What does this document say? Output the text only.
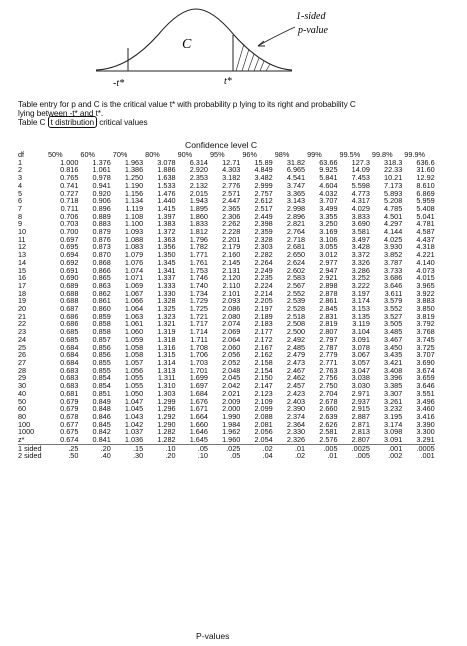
C
-t*	t*
1-sided
p-value
Table entry for p and C is the critical value t* with probability p lying to its right and probability C
lying between -t* and t*.
Table C t distribution critical values
Confidence level C
df	50%	60%	70%	80%	90%	95%	96%	98%	99%	99.5%	99.8%	99.9%
1	1.000	1.376	1.963	3.078	6.314	12.71	15.89	31.82	63.66	127.3	318.3	636.6
2	0.816	1.061	1.386	1.886	2.920	4.303	4.849	6.965	9.925	14.09	22.33	31.60
3	0.765	0.978	1.250	1.638	2.353	3.182	3.482	4.541	5.841	7.453	10.21	12.92
4	0.741	0.941	1.190	1.533	2.132	2.776	2.999	3.747	4.604	5.598	7.173	8.610
5	0.727	0.920	1.156	1.476	2.015	2.571	2.757	3.365	4.032	4.773	5.893	6.869
6	0.718	0.906	1.134	1.440	1.943	2.447	2.612	3.143	3.707	4.317	5.208	5.959
7	0.711	0.896	1.119	1.415	1.895	2.365	2.517	2.998	3.499	4.029	4.785	5.408
8	0.706	0.889	1.108	1.397	1.860	2.306	2.449	2.896	3.355	3.833	4.501	5.041
9	0.703	0.883	1.100	1.383	1.833	2.262	2.398	2.821	3.250	3.690	4.297	4.781
10	0.700	0.879	1.093	1.372	1.812	2.228	2.359	2.764	3.169	3.581	4.144	4.587
11	0.697	0.876	1.088	1.363	1.796	2.201	2.328	2.718	3.106	3.497	4.025	4.437
12	0.695	0.873	1.083	1.356	1.782	2.179	2.303	2.681	3.055	3.428	3.930	4.318
13	0.694	0.870	1.079	1.350	1.771	2.160	2.282	2.650	3.012	3.372	3.852	4.221
14	0.692	0.868	1.076	1.345	1.761	2.145	2.264	2.624	2.977	3.326	3.787	4.140
15	0.691	0.866	1.074	1.341	1.753	2.131	2.249	2.602	2.947	3.286	3.733	4.073
16	0.690	0.865	1.071	1.337	1.746	2.120	2.235	2.583	2.921	3.252	3.686	4.015
17	0.689	0.863	1.069	1.333	1.740	2.110	2.224	2.567	2.898	3.222	3.646	3.965
18	0.688	0.862	1.067	1.330	1.734	2.101	2.214	2.552	2.878	3.197	3.611	3.922
19	0.688	0.861	1.066	1.328	1.729	2.093	2.205	2.539	2.861	3.174	3.579	3.883
20	0.687	0.860	1.064	1.325	1.725	2.086	2.197	2.528	2.845	3.153	3.552	3.850
21	0.686	0.859	1.063	1.323	1.721	2.080	2.189	2.518	2.831	3.135	3.527	3.819
22	0.686	0.858	1.061	1.321	1.717	2.074	2.183	2.508	2.819	3.119	3.505	3.792
23	0.685	0.858	1.060	1.319	1.714	2.069	2.177	2.500	2.807	3.104	3.485	3.768
24	0.685	0.857	1.059	1.318	1.711	2.064	2.172	2.492	2.797	3.091	3.467	3.745
25	0.684	0.856	1.058	1.316	1.708	2.060	2.167	2.485	2.787	3.078	3.450	3.725
26	0.684	0.856	1.058	1.315	1.706	2.056	2.162	2.479	2.779	3.067	3.435	3.707
27	0.684	0.855	1.057	1.314	1.703	2.052	2.158	2.473	2.771	3.057	3.421	3.690
28	0.683	0.855	1.056	1.313	1.701	2.048	2.154	2.467	2.763	3.047	3.408	3.674
29	0.683	0.854	1.055	1.311	1.699	2.045	2.150	2.462	2.756	3.038	3.396	3.659
30	0.683	0.854	1.055	1.310	1.697	2.042	2.147	2.457	2.750	3.030	3.385	3.646
40	0.681	0.851	1.050	1.303	1.684	2.021	2.123	2.423	2.704	2.971	3.307	3.551
50	0.679	0.849	1.047	1.299	1.676	2.009	2.109	2.403	2.678	2.937	3.261	3.496
60	0.679	0.848	1.045	1.296	1.671	2.000	2.099	2.390	2.660	2.915	3.232	3.460
80	0.678	0.846	1.043	1.292	1.664	1.990	2.088	2.374	2.639	2.887	3.195	3.416
100	0.677	0.845	1.042	1.290	1.660	1.984	2.081	2.364	2.626	2.871	3.174	3.390
1000	0.675	0.842	1.037	1.282	1.646	1.962	2.056	2.330	2.581	2.813	3.098	3.300
z*	0.674	0.841	1.036	1.282	1.645	1.960	2.054	2.326	2.576	2.807	3.091	3.291
1 sided	.25	.20	.15	.10	.05	.025	.02	.01	.005	.0025	.001	.0005
2 sided	.50	.40	.30	.20	.10	.05	.04	.02	.01	.005	.002	.001
P-values
